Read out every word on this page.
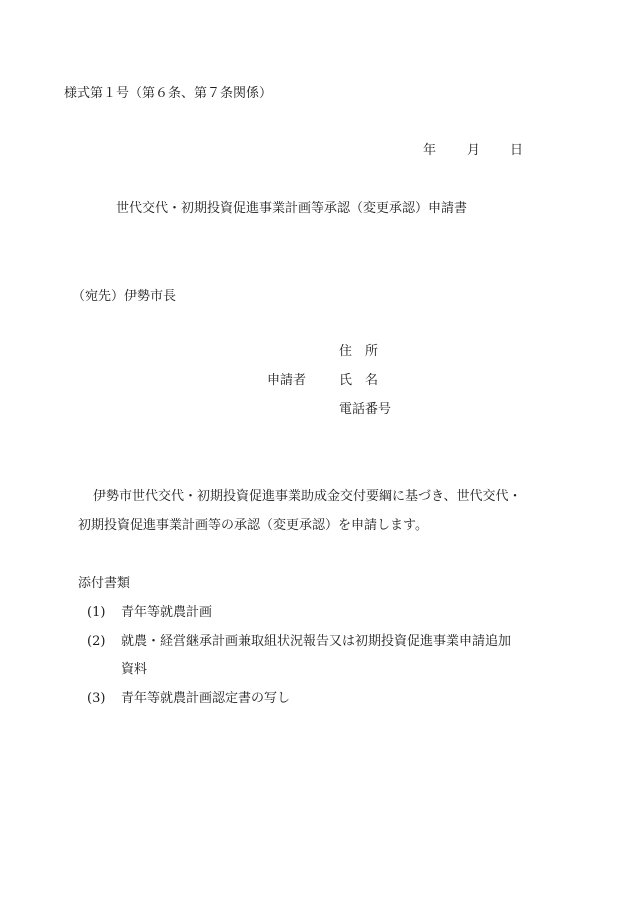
様式第１号（第６条、第７条関係）
年 月 日
世代交代・初期投資促進事業計画等承認（変更承認）申請書
（宛先）伊勢市長
住　所
申請者	氏　名
電話番号
伊勢市世代交代・初期投資促進事業助成金交付要綱に基づき、世代交代・
初期投資促進事業計画等の承認（変更承認）を申請します。
添付書類
(1) 青年等就農計画
(2) 就農・経営継承計画兼取組状況報告又は初期投資促進事業申請追加
資料
(3) 青年等就農計画認定書の写し
